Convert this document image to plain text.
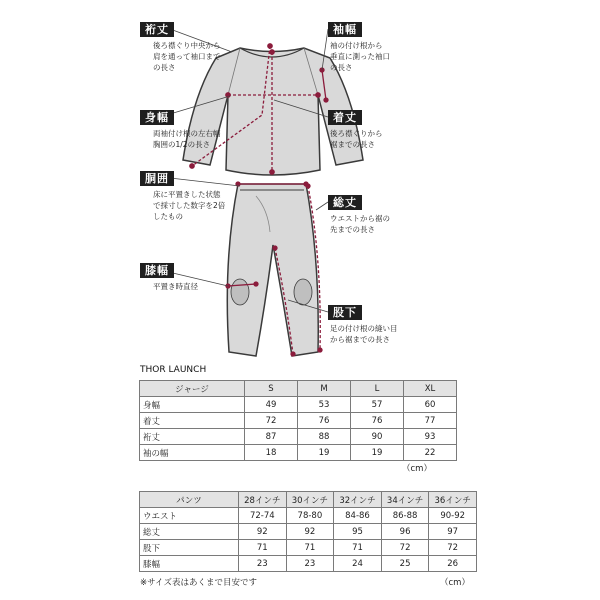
裄丈
後ろ襟ぐり中央から
肩を通って袖口まで
の長さ
身幅
両袖付け根の左右幅
胸囲の1/2の長さ
胴囲
床に平置きした状態
で採寸した数字を2倍
したもの
膝幅
平置き時直径
袖幅
袖の付け根から
垂直に測った袖口
の長さ
着丈
後ろ襟ぐりから
裾までの長さ
総丈
ウエストから裾の
先までの長さ
股下
足の付け根の縫い目
から裾までの長さ
THOR LAUNCH
ジャージ	S	M	L	XL
身幅	49	53	57	60
着丈	72	76	76	77
裄丈	87	88	90	93
袖の幅	18	19	19	22
（cm）
パンツ	28インチ	30インチ	32インチ	34インチ	36インチ
ウエスト	72-74	78-80	84-86	86-88	90-92
総丈	92	92	95	96	97
股下	71	71	71	72	72
膝幅	23	23	24	25	26
※サイズ表はあくまで目安です	（cm）
